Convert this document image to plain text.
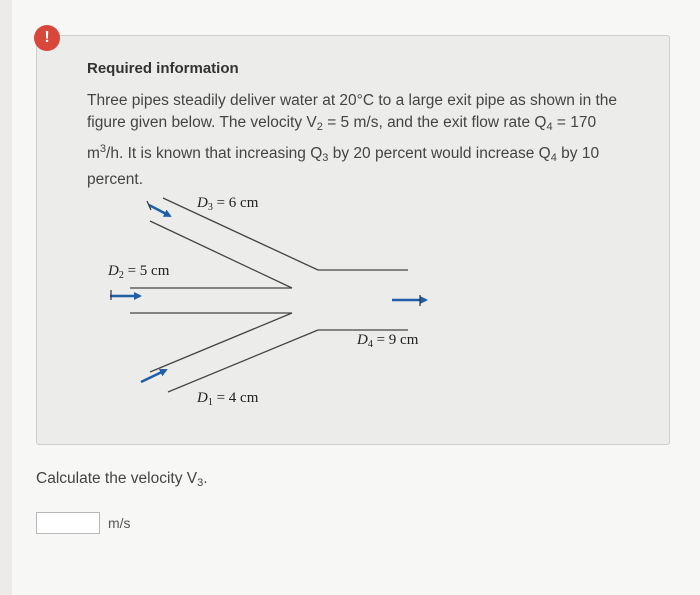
!
Required information
Three pipes steadily deliver water at 20°C to a large exit pipe as shown in the figure given below. The velocity $V_2 = 5$ m/s, and the exit flow rate $Q_4 = 170$ $m^3/h$. It is known that increasing $Q_3$ by 20 percent would increase $Q_4$ by 10 percent.
$D_3 = 6$ cm
$D_2 = 5$ cm
$D_4 = 9$ cm
$D_1 = 4$ cm
Calculate the velocity $V_3$.
m/s
